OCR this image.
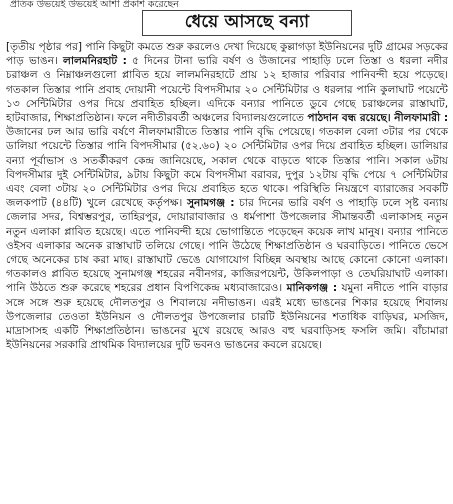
প্রতিক উভয়েই উভয়েই আশা প্রকাশ করেছেন
ধেয়ে আসছে বন্যা
[তৃতীয় পৃষ্ঠার পর] পানি কিছুটা কমতে শুরু করলেও দেখা দিয়েছে কুল্লাগড়া ইউনিয়নের দুটি গ্রামের সড়কের পাড় ভাঙন। লালমনিরহাট : ৫ দিনের টানা ভারি বর্ষণ ও উজানের পাহাড়ি ঢলে তিস্তা ও ধরলা নদীর চরাঞ্চল ও নিম্নাঞ্চলগুলো প্লাবিত হয়ে লালমনিরহাটে প্রায় ১২ হাজার পরিবার পানিবন্দী হয়ে পড়েছে। গতকাল তিস্তার পানি প্রবাহ দোয়ানী পয়েন্টে বিপদসীমার ২০ সেন্টিমিটার ও ধরলার পানি কুলাঘাট পয়েন্টে ১৩ সেন্টিমিটার ওপর দিয়ে প্রবাহিত হচ্ছিল। এদিকে বন্যার পানিতে ডুবে গেছে চরাঞ্চলের রাস্তাঘাট, হাটবাজার, শিক্ষাপ্রতিষ্ঠান। ফলে নদীতীরবর্তী অঞ্চলের বিদ্যালয়গুলোতে পাঠদান বন্ধ রয়েছে। নীলফামারী : উজানের ঢল আর ভারি বর্ষণে নীলফামারীতে তিস্তার পানি বৃদ্ধি পেয়েছে। গতকাল বেলা ৩টার পর থেকে ডালিয়া পয়েন্টে তিস্তার পানি বিপদসীমার (৫২.৬০) ২০ সেন্টিমিটার ওপর দিয়ে প্রবাহিত হচ্ছিল। ডালিয়ার বন্যা পূর্বাভাস ও সতর্কীকরণ কেন্দ্র জানিয়েছে, সকাল থেকে বাড়তে থাকে তিস্তার পানি। সকাল ৬টায় বিপদসীমার দুই সেন্টিমিটার, ৯টায় কিছুটা কমে বিপদসীমা বরাবর, দুপুর ১২টায় বৃদ্ধি পেয়ে ৭ সেন্টিমিটার এবং বেলা ৩টায় ২০ সেন্টিমিটার ওপর দিয়ে প্রবাহিত হতে থাকে। পরিস্থিতি নিয়ন্ত্রণে ব্যারাজের সবকটি জলকপাট (৪৪টি) খুলে রেখেছে কর্তৃপক্ষ। সুনামগঞ্জ : চার দিনের ভারি বর্ষণ ও পাহাড়ি ঢলে সৃষ্ট বন্যায় জেলার সদর, বিশ্বম্ভরপুর, তাহিরপুর, দোয়ারাবাজার ও ধর্মপাশা উপজেলার সীমান্তবর্তী এলাকাসহ নতুন নতুন এলাকা প্লাবিত হয়েছে। এতে পানিবন্দী হয়ে ভোগান্তিতে পড়েছেন কয়েক লাখ মানুষ। বন্যার পানিতে ওইসব এলাকার অনেক রাস্তাঘাট তলিয়ে গেছে। পানি উঠেছে শিক্ষাপ্রতিষ্ঠান ও ঘরবাড়িতে। পানিতে ভেসে গেছে অনেকের চাষ করা মাছ। রাস্তাঘাট ভেঙে যোগাযোগ বিচ্ছিন্ন অবস্থায় আছে কোনো কোনো এলাকা। গতকালও প্লাবিত হয়েছে সুনামগঞ্জ শহরের নবীনগর, কাজিরপয়েন্ট, উকিলপাড়া ও তেঘরিয়াঘাট এলাকা। পানি উঠতে শুরু করেছে শহরের প্রধান বিপণিকেন্দ্র মধ্যবাজারেও। মানিকগঞ্জ : যমুনা নদীতে পানি বাড়ার সঙ্গে সঙ্গে শুরু হয়েছে দৌলতপুর ও শিবালয়ে নদীভাঙন। এরই মধ্যে ভাঙনের শিকার হয়েছে শিবালয় উপজেলার তেওতা ইউনিয়ন ও দৌলতপুর উপজেলার চারটি ইউনিয়নের শতাধিক বাড়িঘর, মসজিদ, মাদ্রাসাসহ একটি শিক্ষাপ্রতিষ্ঠান। ভাঙনের মুখে রয়েছে আরও বহু ঘরবাড়িসহ ফসলি জমি। বাঁচামারা ইউনিয়নের সরকারি প্রাথমিক বিদ্যালয়ের দুটি ভবনও ভাঙনের কবলে রয়েছে।
